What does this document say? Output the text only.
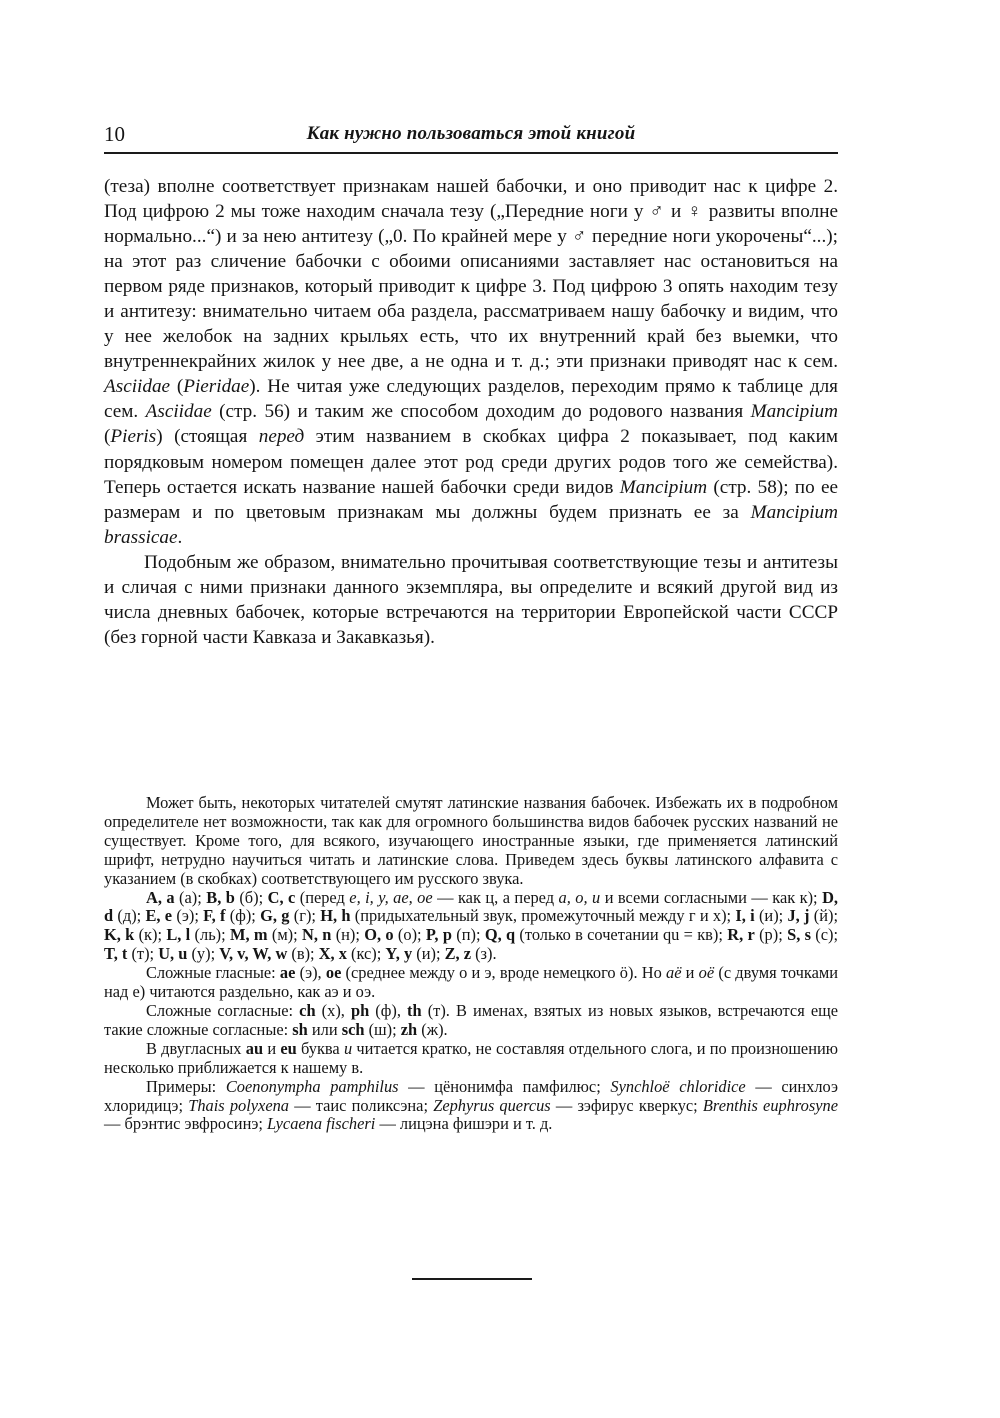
10	Как нужно пользоваться этой книгой

(теза) вполне соответствует признакам нашей бабочки, и оно приводит нас к цифре 2. Под цифрою 2 мы тоже находим сначала тезу („Передние ноги у ♂ и ♀ развиты вполне нормально...“) и за нею антитезу („0. По крайней мере у ♂ передние ноги укорочены“...); на этот раз сличение бабочки с обоими описаниями заставляет нас остановиться на первом ряде признаков, который приводит к цифре 3. Под цифрою 3 опять находим тезу и антитезу: внимательно читаем оба раздела, рассматриваем нашу бабочку и видим, что у нее желобок на задних крыльях есть, что их внутренний край без выемки, что внутреннекрайних жилок у нее две, а не одна и т. д.; эти признаки приводят нас к сем. Asciidae (Pieridae). Не читая уже следующих разделов, переходим прямо к таблице для сем. Asciidae (стр. 56) и таким же способом доходим до родового названия Mancipium (Pieris) (стоящая перед этим названием в скобках цифра 2 показывает, под каким порядковым номером помещен далее этот род среди других родов того же семейства). Теперь остается искать название нашей бабочки среди видов Mancipium (стр. 58); по ее размерам и по цветовым признакам мы должны будем признать ее за Mancipium brassicae.

Подобным же образом, внимательно прочитывая соответствующие тезы и антитезы и сличая с ними признаки данного экземпляра, вы определите и всякий другой вид из числа дневных бабочек, которые встречаются на территории Европейской части СССР (без горной части Кавказа и Закавказья).

Может быть, некоторых читателей смутят латинские названия бабочек. Избежать их в подробном определителе нет возможности, так как для огромного большинства видов бабочек русских названий не существует. Кроме того, для всякого, изучающего иностранные языки, где применяется латинский шрифт, нетрудно научиться читать и латинские слова. Приведем здесь буквы латинского алфавита с указанием (в скобках) соответствующего им русского звука.

A, a (а); B, b (б); C, c (перед e, i, y, ae, oe — как ц, а перед a, o, u и всеми согласными — как к); D, d (д); E, e (э); F, f (ф); G, g (г); H, h (придыхательный звук, промежуточный между г и х); I, i (и); J, j (й); K, k (к); L, l (ль); M, m (м); N, n (н); O, o (о); P, p (п); Q, q (только в сочетании qu = кв); R, r (р); S, s (с); T, t (т); U, u (у); V, v, W, w (в); X, x (кс); Y, y (и); Z, z (з).

Сложные гласные: ae (э), oe (среднее между о и э, вроде немецкого ö). Но aë и oë (с двумя точками над e) читаются раздельно, как аэ и оэ.

Сложные согласные: ch (х), ph (ф), th (т). В именах, взятых из новых языков, встречаются еще такие сложные согласные: sh или sch (ш); zh (ж).

В двугласных au и eu буква u читается кратко, не составляя отдельного слога, и по произношению несколько приближается к нашему в.

Примеры: Coenonympha pamphilus — цёнонимфа памфилюс; Synchloë chloridice — синхлоэ хлоридицэ; Thais polyxena — таис поликсэна; Zephyrus quercus — зэфирус кверкус; Brenthis euphrosyne — брэнтис эвфросинэ; Lycaena fischeri — лицэна фишэри и т. д.
